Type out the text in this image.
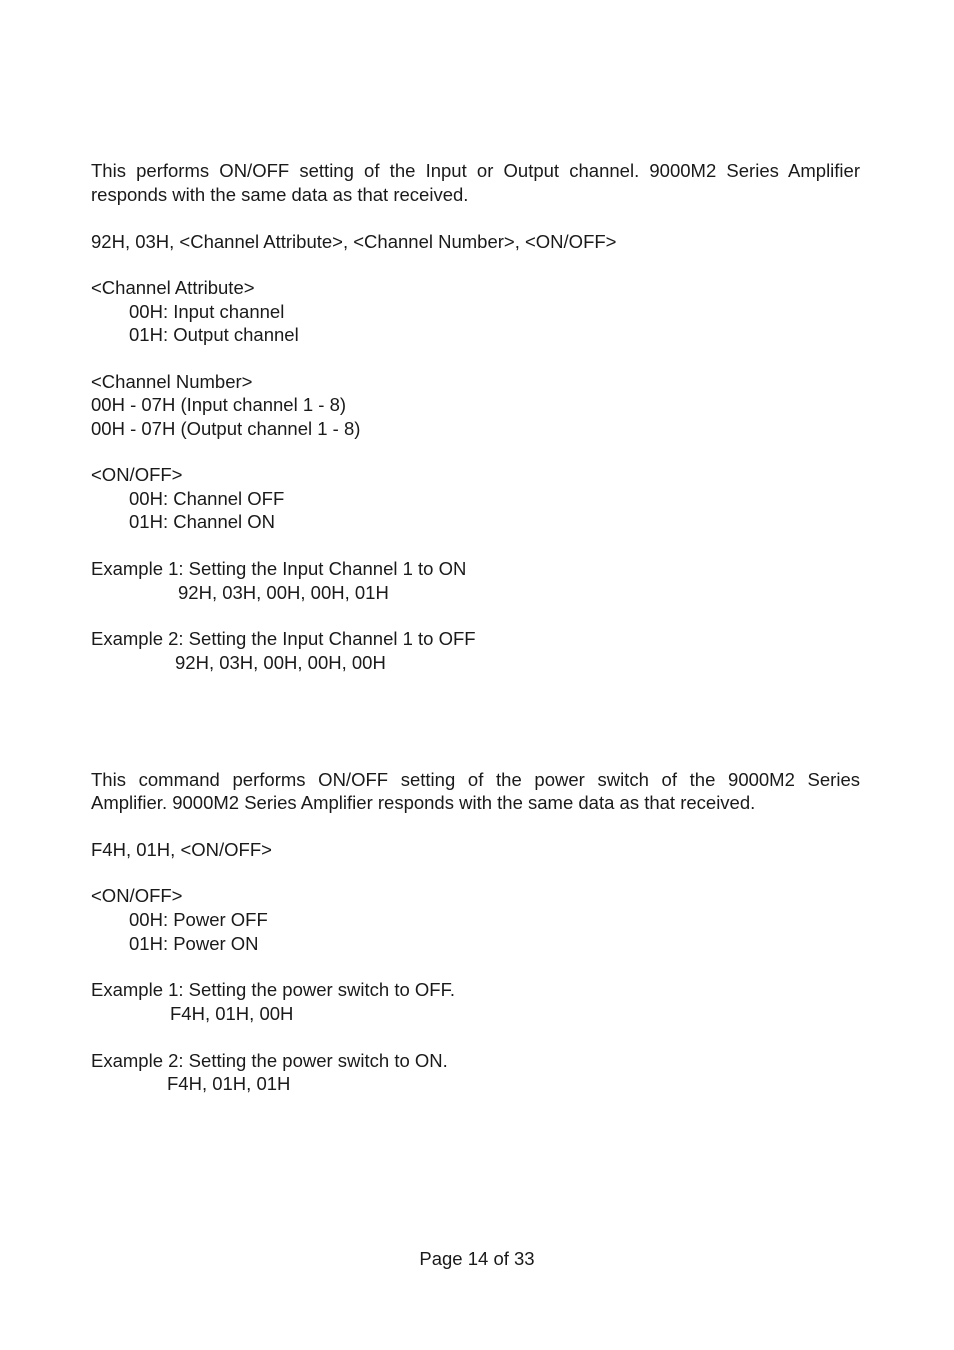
This performs ON/OFF setting of the Input or Output channel. 9000M2 Series Amplifier
responds with the same data as that received.
92H, 03H, <Channel Attribute>, <Channel Number>, <ON/OFF>
<Channel Attribute>
00H: Input channel
01H: Output channel
<Channel Number>
00H - 07H (Input channel 1 - 8)
00H - 07H (Output channel 1 - 8)
<ON/OFF>
00H: Channel OFF
01H: Channel ON
Example 1: Setting the Input Channel 1 to ON
92H, 03H, 00H, 00H, 01H
Example 2: Setting the Input Channel 1 to OFF
92H, 03H, 00H, 00H, 00H
This command performs ON/OFF setting of the power switch of the 9000M2 Series
Amplifier. 9000M2 Series Amplifier responds with the same data as that received.
F4H, 01H, <ON/OFF>
<ON/OFF>
00H: Power OFF
01H: Power ON
Example 1: Setting the power switch to OFF.
F4H, 01H, 00H
Example 2: Setting the power switch to ON.
F4H, 01H, 01H
Page 14 of 33
